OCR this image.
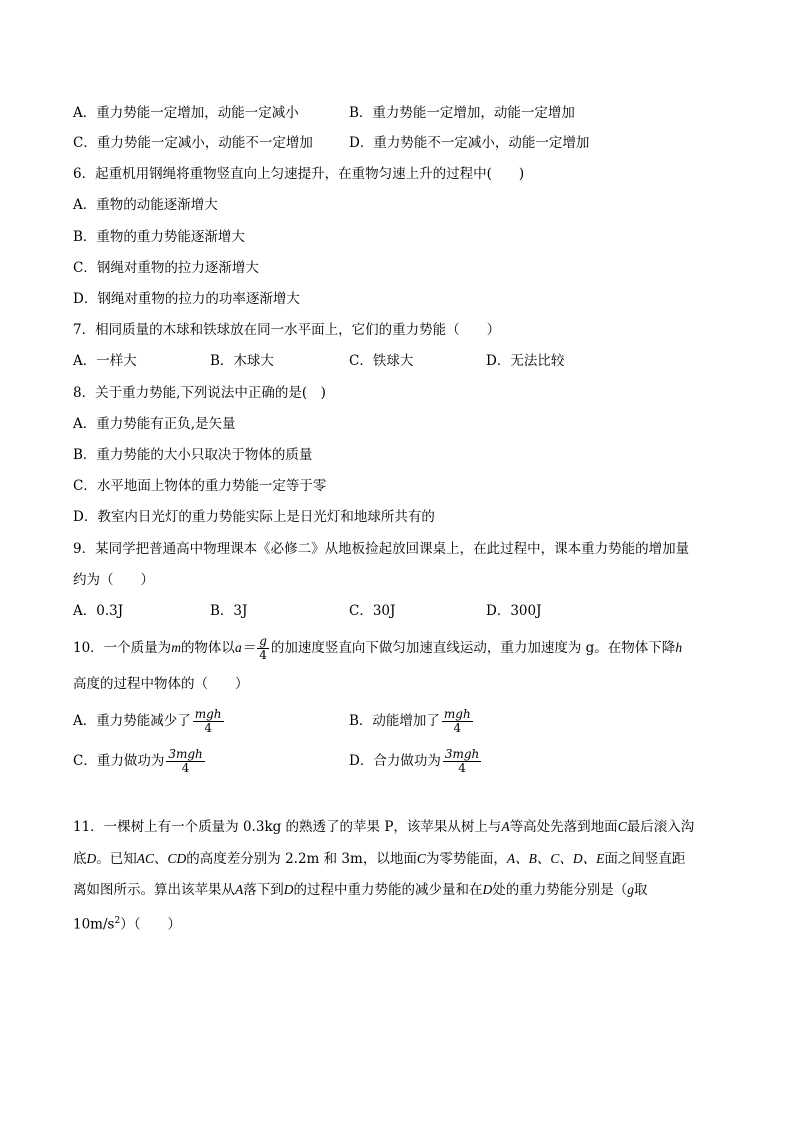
A．重力势能一定增加，动能一定减小	B．重力势能一定增加，动能一定增加
C．重力势能一定减小，动能不一定增加	D．重力势能不一定减小，动能一定增加
6．起重机用钢绳将重物竖直向上匀速提升，在重物匀速上升的过程中(　　)
A．重物的动能逐渐增大
B．重物的重力势能逐渐增大
C．钢绳对重物的拉力逐渐增大
D．钢绳对重物的拉力的功率逐渐增大
7．相同质量的木球和铁球放在同一水平面上，它们的重力势能（　　）
A．一样大	B．木球大	C．铁球大	D．无法比较
8．关于重力势能,下列说法中正确的是(　)
A．重力势能有正负,是矢量
B．重力势能的大小只取决于物体的质量
C．水平地面上物体的重力势能一定等于零
D．教室内日光灯的重力势能实际上是日光灯和地球所共有的
9．某同学把普通高中物理课本《必修二》从地板捡起放回课桌上，在此过程中，课本重力势能的增加量
约为（　　）
A．0.3J	B．3J	C．30J	D．300J
10．一个质量为m的物体以$a= \frac{g}{4}$ 的加速度竖直向下做匀加速直线运动，重力加速度为 g。在物体下降h
高度的过程中物体的（　　）
A．重力势能减少了 $\frac{\text{mgh}}{4}$	B．动能增加了 $\frac{\text{mgh}}{4}$
C．重力做功为 $\frac{\text{3mgh}}{4}$	D．合力做功为 $\frac{\text{3mgh}}{4}$
11．一棵树上有一个质量为 0.3kg 的熟透了的苹果 P，该苹果从树上与A等高处先落到地面C最后滚入沟
底D。已知AC、CD的高度差分别为 2.2m 和 3m，以地面C为零势能面，A、B、C、D、E面之间竖直距
离如图所示。算出该苹果从A落下到D的过程中重力势能的减少量和在D处的重力势能分别是（g取
$10m/s^2$）（　　）
